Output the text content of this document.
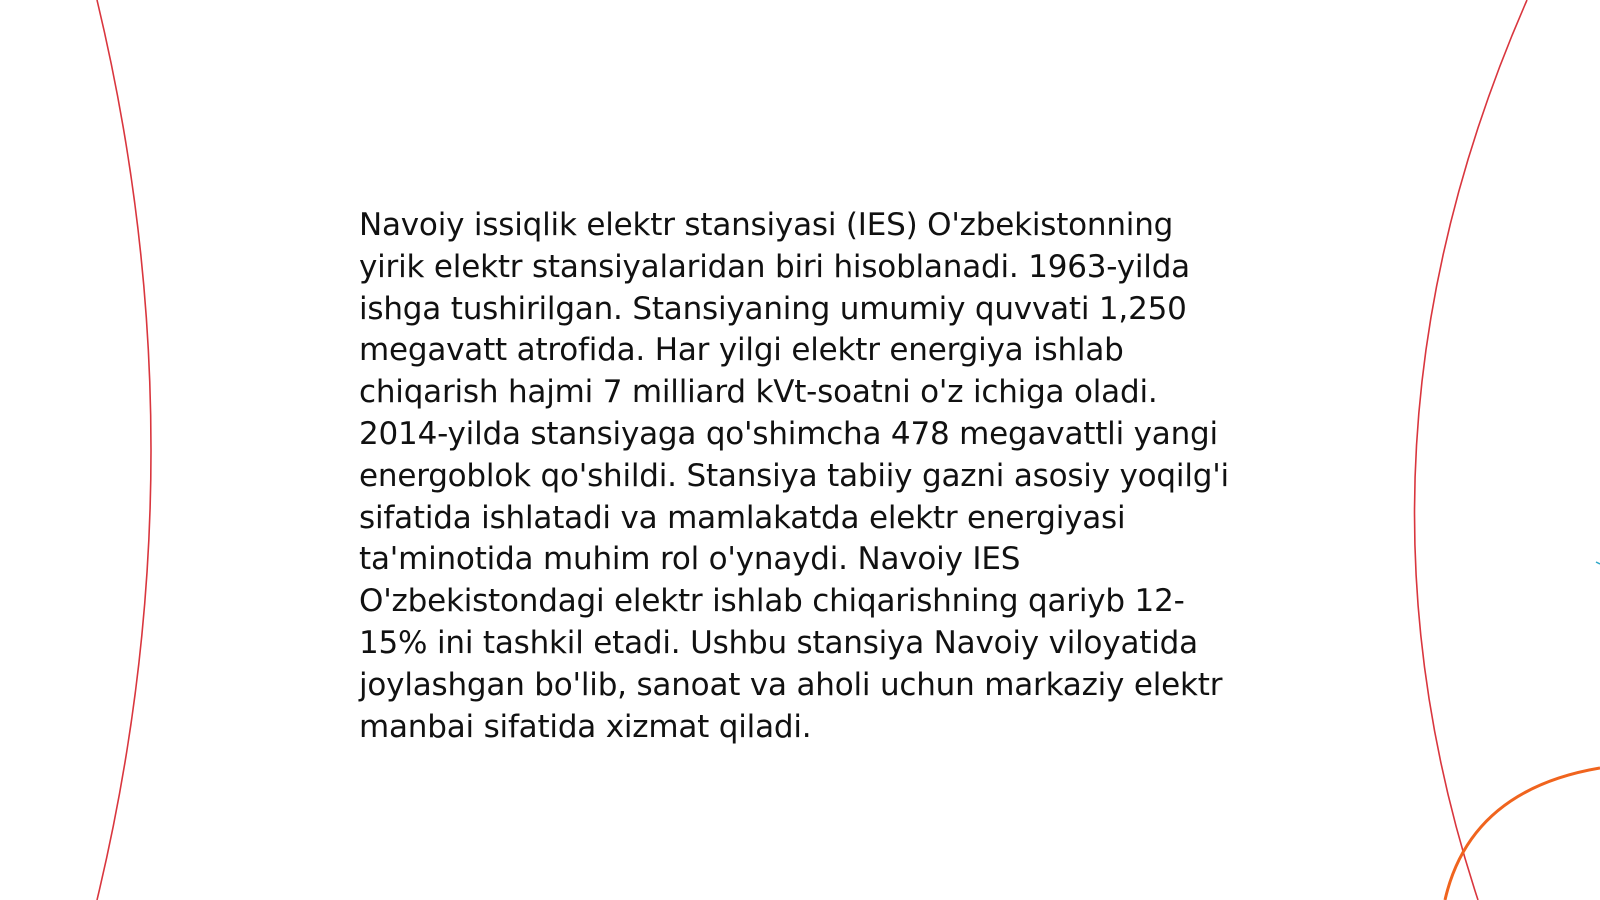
Navoiy issiqlik elektr stansiyasi (IES) O'zbekistonning yirik elektr stansiyalaridan biri hisoblanadi. 1963-yilda ishga tushirilgan. Stansiyaning umumiy quvvati 1,250 megavatt atrofida. Har yilgi elektr energiya ishlab chiqarish hajmi 7 milliard kVt-soatni o'z ichiga oladi. 2014-yilda stansiyaga qo'shimcha 478 megavattli yangi energoblok qo'shildi. Stansiya tabiiy gazni asosiy yoqilg'i sifatida ishlatadi va mamlakatda elektr energiyasi ta'minotida muhim rol o'ynaydi. Navoiy IES O'zbekistondagi elektr ishlab chiqarishning qariyb 12-15% ini tashkil etadi. Ushbu stansiya Navoiy viloyatida joylashgan bo'lib, sanoat va aholi uchun markaziy elektr manbai sifatida xizmat qiladi.
